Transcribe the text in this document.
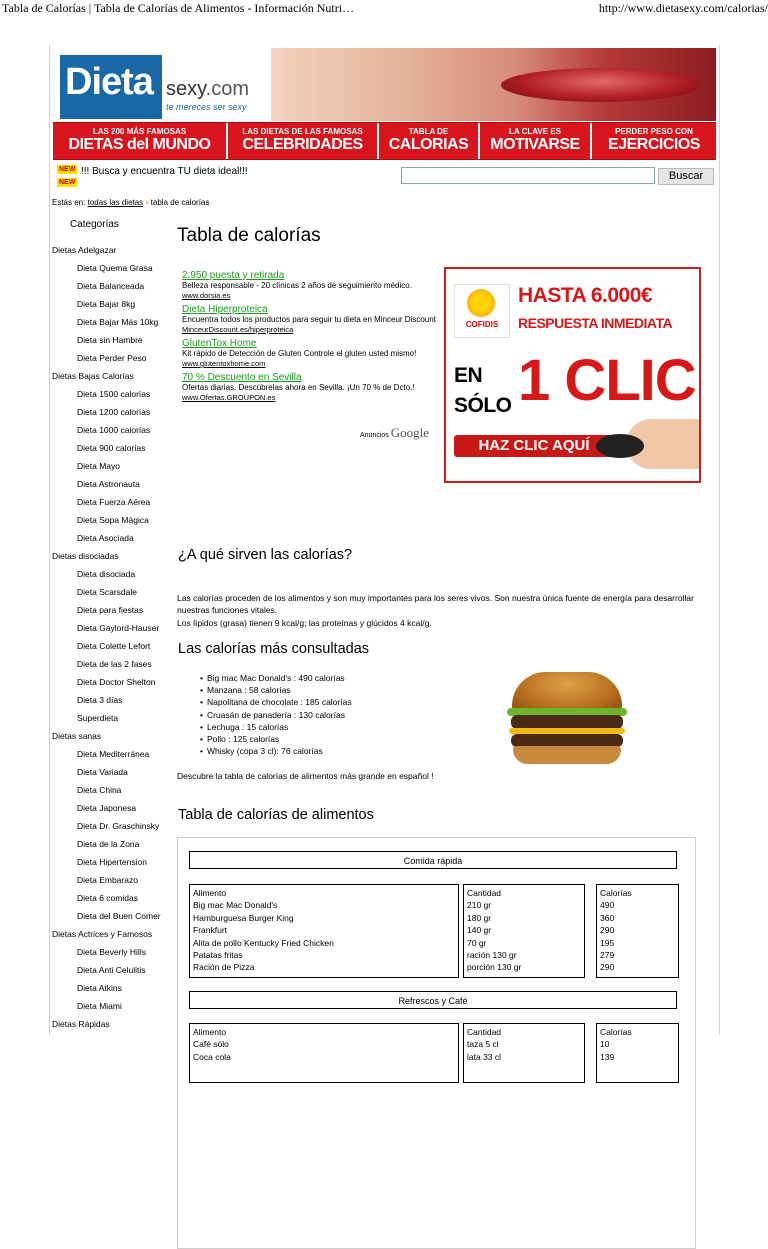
Tabla de Calorías | Tabla de Calorías de Alimentos - Información Nutri…	http://www.dietasexy.com/calorias/
Dieta sexy.com
te mereces ser sexy
LAS 200 MÁS FAMOSAS
DIETAS del MUNDO
LAS DIETAS DE LAS FAMOSAS
CELEBRIDADES
TABLA DE
CALORIAS
LA CLAVE ES
MOTIVARSE
PERDER PESO CON
EJERCICIOS
NEW
NEW
!!! Busca y encuentra TU dieta ideal!!!	Buscar
Estás en: todas las dietas › tabla de calorías
Categorías
Dietas Adelgazar
Dieta Quema Grasa
Dieta Balanceada
Dieta Bajar 8kg
Dieta Bajar Más 10kg
Dieta sin Hambre
Dieta Perder Peso
Dietas Bajas Calorías
Dieta 1500 calorías
Dieta 1200 calorías
Dieta 1000 calorías
Dieta 900 calorías
Dieta Mayo
Dieta Astronauta
Dieta Fuerza Aérea
Dieta Sopa Mágica
Dieta Asociada
Dietas disociadas
Dieta disociada
Dieta Scarsdale
Dieta para fiestas
Dieta Gaylord-Hauser
Dieta Colette Lefort
Dieta de las 2 fases
Dieta Doctor Shelton
Dieta 3 días
Superdieta
Dietas sanas
Dieta Mediterránea
Dieta Variada
Dieta China
Dieta Japonesa
Dieta Dr. Graschinsky
Dieta de la Zona
Dieta Hipertension
Dieta Embarazo
Dieta 6 comidas
Dieta del Buen Comer
Dietas Actrices y Famosos
Dieta Beverly Hills
Dieta Anti Celulitis
Dieta Atkins
Dieta Miami
Dietas Rápidas
Tabla de calorías
2.950 puesta y retirada
Belleza responsable - 20 clínicas 2 años de seguimiento médico.
www.dorsia.es
Dieta Hiperproteica
Encuentra todos los productos para seguir tu dieta en Minceur Discount
MinceurDiscount.es/hiperproteica
GlutenTox Home
Kit rápido de Detección de Gluten Controle el gluten usted mismo!
www.glutentoxhome.com
70 % Descuento en Sevilla
Ofertas diarias. Descúbrelas ahora en Sevilla. ¡Un 70 % de Dcto.!
www.Ofertas.GROUPON.es
Anuncios Google
COFIDIS
HASTA 6.000€
RESPUESTA INMEDIATA
EN
SÓLO 1 CLIC
HAZ CLIC AQUÍ
¿A qué sirven las calorías?
Las calorías proceden de los alimentos y son muy importantes para los seres vivos. Son nuestra única fuente de energía para desarrollar nuestras funciones vitales.
Los lípidos (grasa) tienen 9 kcal/g; las proteínas y glúcidos 4 kcal/g.
Las calorías más consultadas
• Big mac Mac Donald's : 490 calorías
• Manzana : 58 calorías
• Napolitana de chocolate : 185 calorías
• Cruasán de panadería : 130 calorías
• Lechuga : 15 calorías
• Pollo : 125 calorías
• Whisky (copa 3 cl): 76 calorías
Descubre la tabla de calorías de alimentos más grande en español !
Tabla de calorías de alimentos
Comida rápida
Alimento
Big mac Mac Donald's
Hamburguesa Burger King
Frankfurt
Alita de pollo Kentucky Fried Chicken
Patatas fritas
Ración de Pizza
Cantidad
210 gr
180 gr
140 gr
70 gr
ración 130 gr
porción 130 gr
Calorías
490
360
290
195
279
290
Refrescos y Café
Alimento
Café sólo
Coca cola
Cantidad
taza 5 cl
lata 33 cl
Calorías
10
139
